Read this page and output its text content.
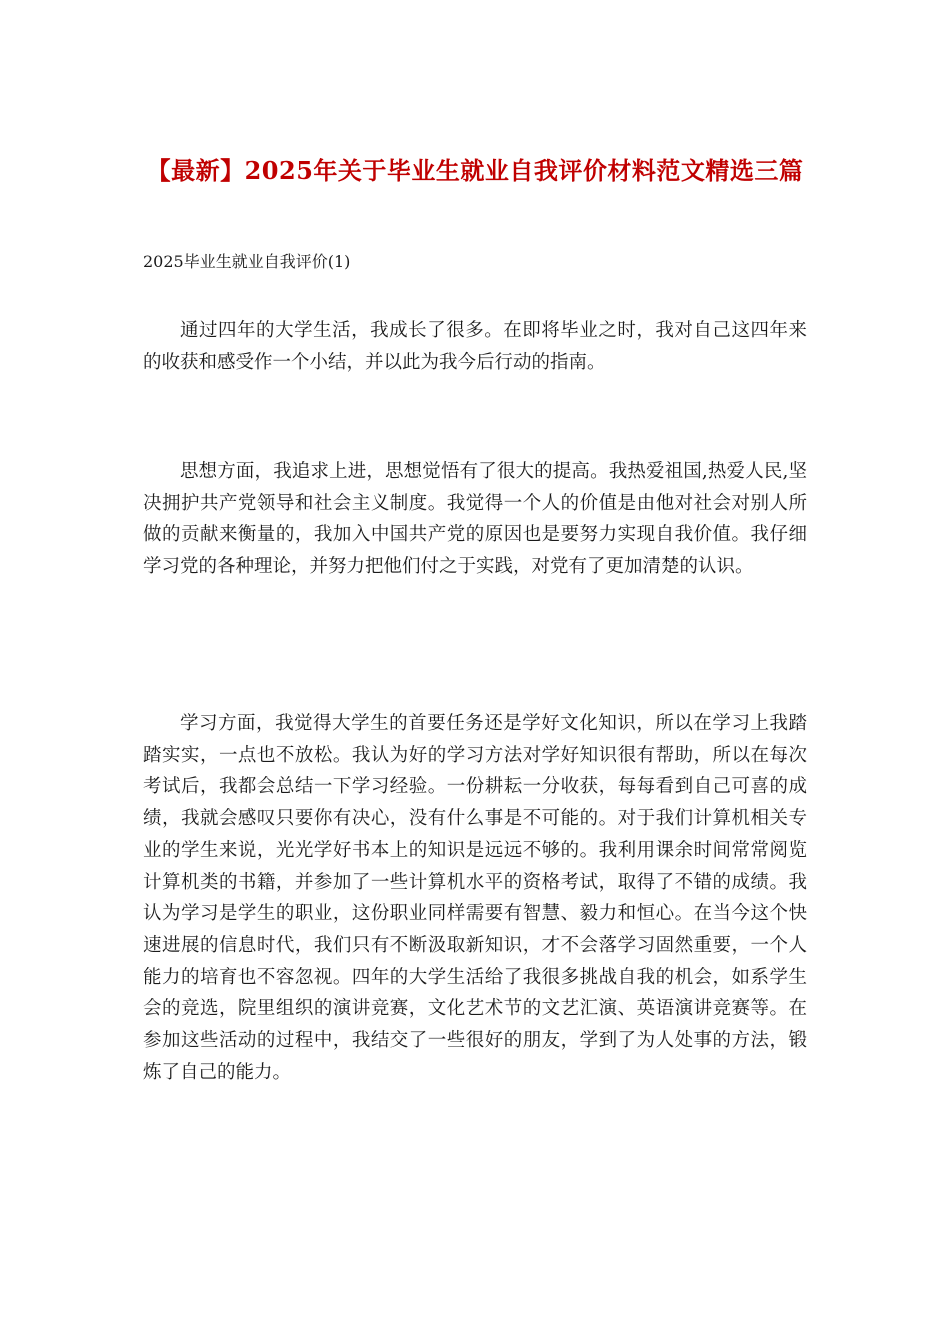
【最新】2025年关于毕业生就业自我评价材料范文精选三篇

2025毕业生就业自我评价(1)

通过四年的大学生活，我成长了很多。在即将毕业之时，我对自己这四年来的收获和感受作一个小结，并以此为我今后行动的指南。

思想方面，我追求上进，思想觉悟有了很大的提高。我热爱祖国,热爱人民,坚决拥护共产党领导和社会主义制度。我觉得一个人的价值是由他对社会对别人所做的贡献来衡量的，我加入中国共产党的原因也是要努力实现自我价值。我仔细学习党的各种理论，并努力把他们付之于实践，对党有了更加清楚的认识。

学习方面，我觉得大学生的首要任务还是学好文化知识，所以在学习上我踏踏实实，一点也不放松。我认为好的学习方法对学好知识很有帮助，所以在每次考试后，我都会总结一下学习经验。一份耕耘一分收获，每每看到自己可喜的成绩，我就会感叹只要你有决心，没有什么事是不可能的。对于我们计算机相关专业的学生来说，光光学好书本上的知识是远远不够的。我利用课余时间常常阅览计算机类的书籍，并参加了一些计算机水平的资格考试，取得了不错的成绩。我认为学习是学生的职业，这份职业同样需要有智慧、毅力和恒心。在当今这个快速进展的信息时代，我们只有不断汲取新知识，才不会落学习固然重要，一个人能力的培育也不容忽视。四年的大学生活给了我很多挑战自我的机会，如系学生会的竞选，院里组织的演讲竞赛，文化艺术节的文艺汇演、英语演讲竞赛等。在参加这些活动的过程中，我结交了一些很好的朋友，学到了为人处事的方法，锻炼了自己的能力。
